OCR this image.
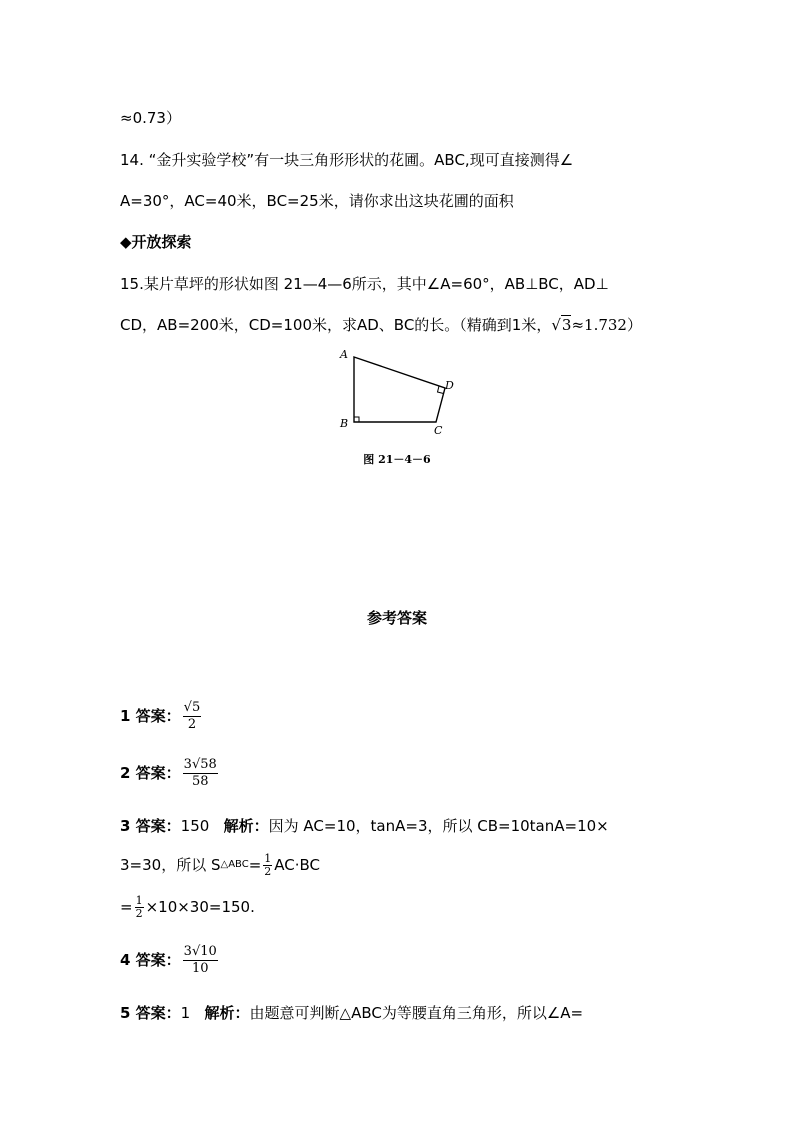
≈0.73）
14. “金升实验学校”有一块三角形形状的花圃。ABC,现可直接测得∠
A=30°，AC=40米，BC=25米，请你求出这块花圃的面积
◆开放探索
15.某片草坪的形状如图 21—4—6所示，其中∠A=60°，AB⊥BC，AD⊥
CD，AB=200米，CD=100米，求AD、BC的长。（精确到1米，√3≈1.732）
A
B
C
D
图 21－4－6
参考答案
1 答案： $\frac{√5}{2}$
2 答案： $\frac{3√58}{58}$
3 答案：150 解析：因为 AC=10，tanA=3，所以 CB=10tanA=10×
3=30，所以 S △ABC = $\frac{1}{2} AC\cdot BC$
= $\frac{1}{2} \times 10\times 30=150$.
4 答案： $\frac{3√10}{10}$
5 答案：1 解析：由题意可判断△ABC为等腰直角三角形，所以∠A=
